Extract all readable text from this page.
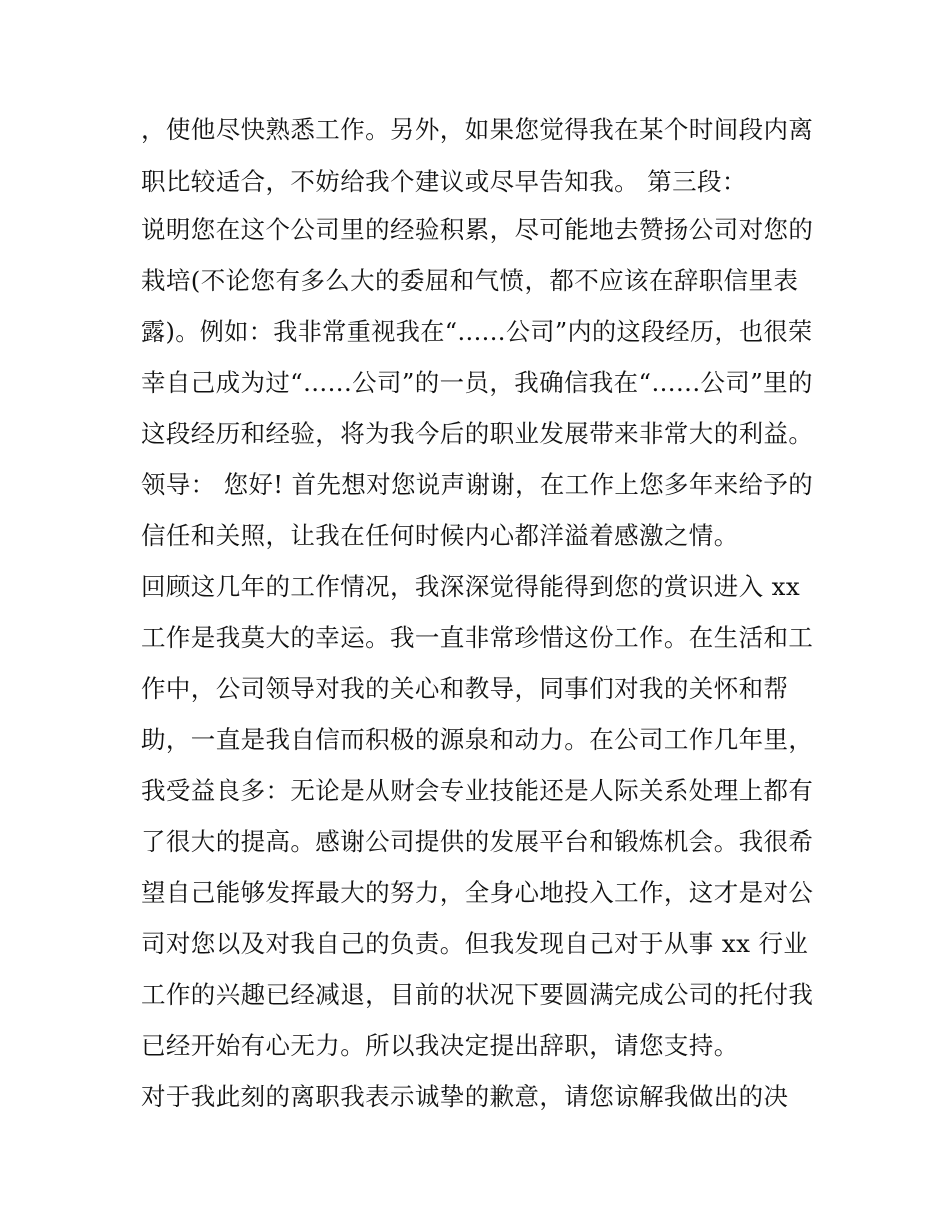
，使他尽快熟悉工作。另外，如果您觉得我在某个时间段内离
职比较适合，不妨给我个建议或尽早告知我。 第三段：
说明您在这个公司里的经验积累，尽可能地去赞扬公司对您的
栽培(不论您有多么大的委屈和气愤，都不应该在辞职信里表
露)。例如：我非常重视我在“......公司”内的这段经历，也很荣
幸自己成为过“......公司”的一员，我确信我在“......公司”里的
这段经历和经验，将为我今后的职业发展带来非常大的利益。
领导： 您好! 首先想对您说声谢谢，在工作上您多年来给予的
信任和关照，让我在任何时候内心都洋溢着感激之情。
回顾这几年的工作情况，我深深觉得能得到您的赏识进入 xx
工作是我莫大的幸运。我一直非常珍惜这份工作。在生活和工
作中，公司领导对我的关心和教导，同事们对我的关怀和帮
助，一直是我自信而积极的源泉和动力。在公司工作几年里，
我受益良多：无论是从财会专业技能还是人际关系处理上都有
了很大的提高。感谢公司提供的发展平台和锻炼机会。我很希
望自己能够发挥最大的努力，全身心地投入工作，这才是对公
司对您以及对我自己的负责。但我发现自己对于从事 xx 行业
工作的兴趣已经减退，目前的状况下要圆满完成公司的托付我
已经开始有心无力。所以我决定提出辞职，请您支持。
对于我此刻的离职我表示诚挚的歉意，请您谅解我做出的决
